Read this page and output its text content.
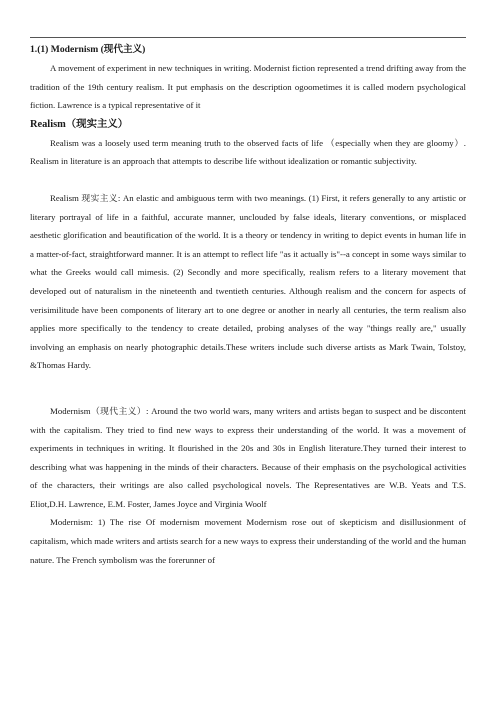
1.(1) Modernism (现代主义)

A movement of experiment in new techniques in writing. Modernist fiction represented a trend drifting away from the tradition of the 19th century realism. It put emphasis on the description ogoometimes it is called modern psychological fiction. Lawrence is a typical representative of it

Realism（现实主义）

Realism was a loosely used term meaning truth to the observed facts of life （especially when they are gloomy）. Realism in literature is an approach that attempts to describe life without idealization or romantic subjectivity.

Realism 现实主义: An elastic and ambiguous term with two meanings. (1) First, it refers generally to any artistic or literary portrayal of life in a faithful, accurate manner, unclouded by false ideals, literary conventions, or misplaced aesthetic glorification and beautification of the world. It is a theory or tendency in writing to depict events in human life in a matter-of-fact, straightforward manner. It is an attempt to reflect life "as it actually is"--a concept in some ways similar to what the Greeks would call mimesis. (2) Secondly and more specifically, realism refers to a literary movement that developed out of naturalism in the nineteenth and twentieth centuries. Although realism and the concern for aspects of verisimilitude have been components of literary art to one degree or another in nearly all centuries, the term realism also applies more specifically to the tendency to create detailed, probing analyses of the way "things really are," usually involving an emphasis on nearly photographic details.These writers include such diverse artists as Mark Twain, Tolstoy, &Thomas Hardy.

Modernism（现代主义）: Around the two world wars, many writers and artists began to suspect and be discontent with the capitalism. They tried to find new ways to express their understanding of the world. It was a movement of experiments in techniques in writing. It flourished in the 20s and 30s in English literature.They turned their interest to describing what was happening in the minds of their characters. Because of their emphasis on the psychological activities of the characters, their writings are also called psychological novels. The Representatives are W.B. Yeats and T.S. Eliot,D.H. Lawrence, E.M. Foster, James Joyce and Virginia Woolf

Modernism: 1) The rise Of modernism movement Modernism rose out of skepticism and disillusionment of capitalism, which made writers and artists search for a new ways to express their understanding of the world and the human nature. The French symbolism was the forerunner of
